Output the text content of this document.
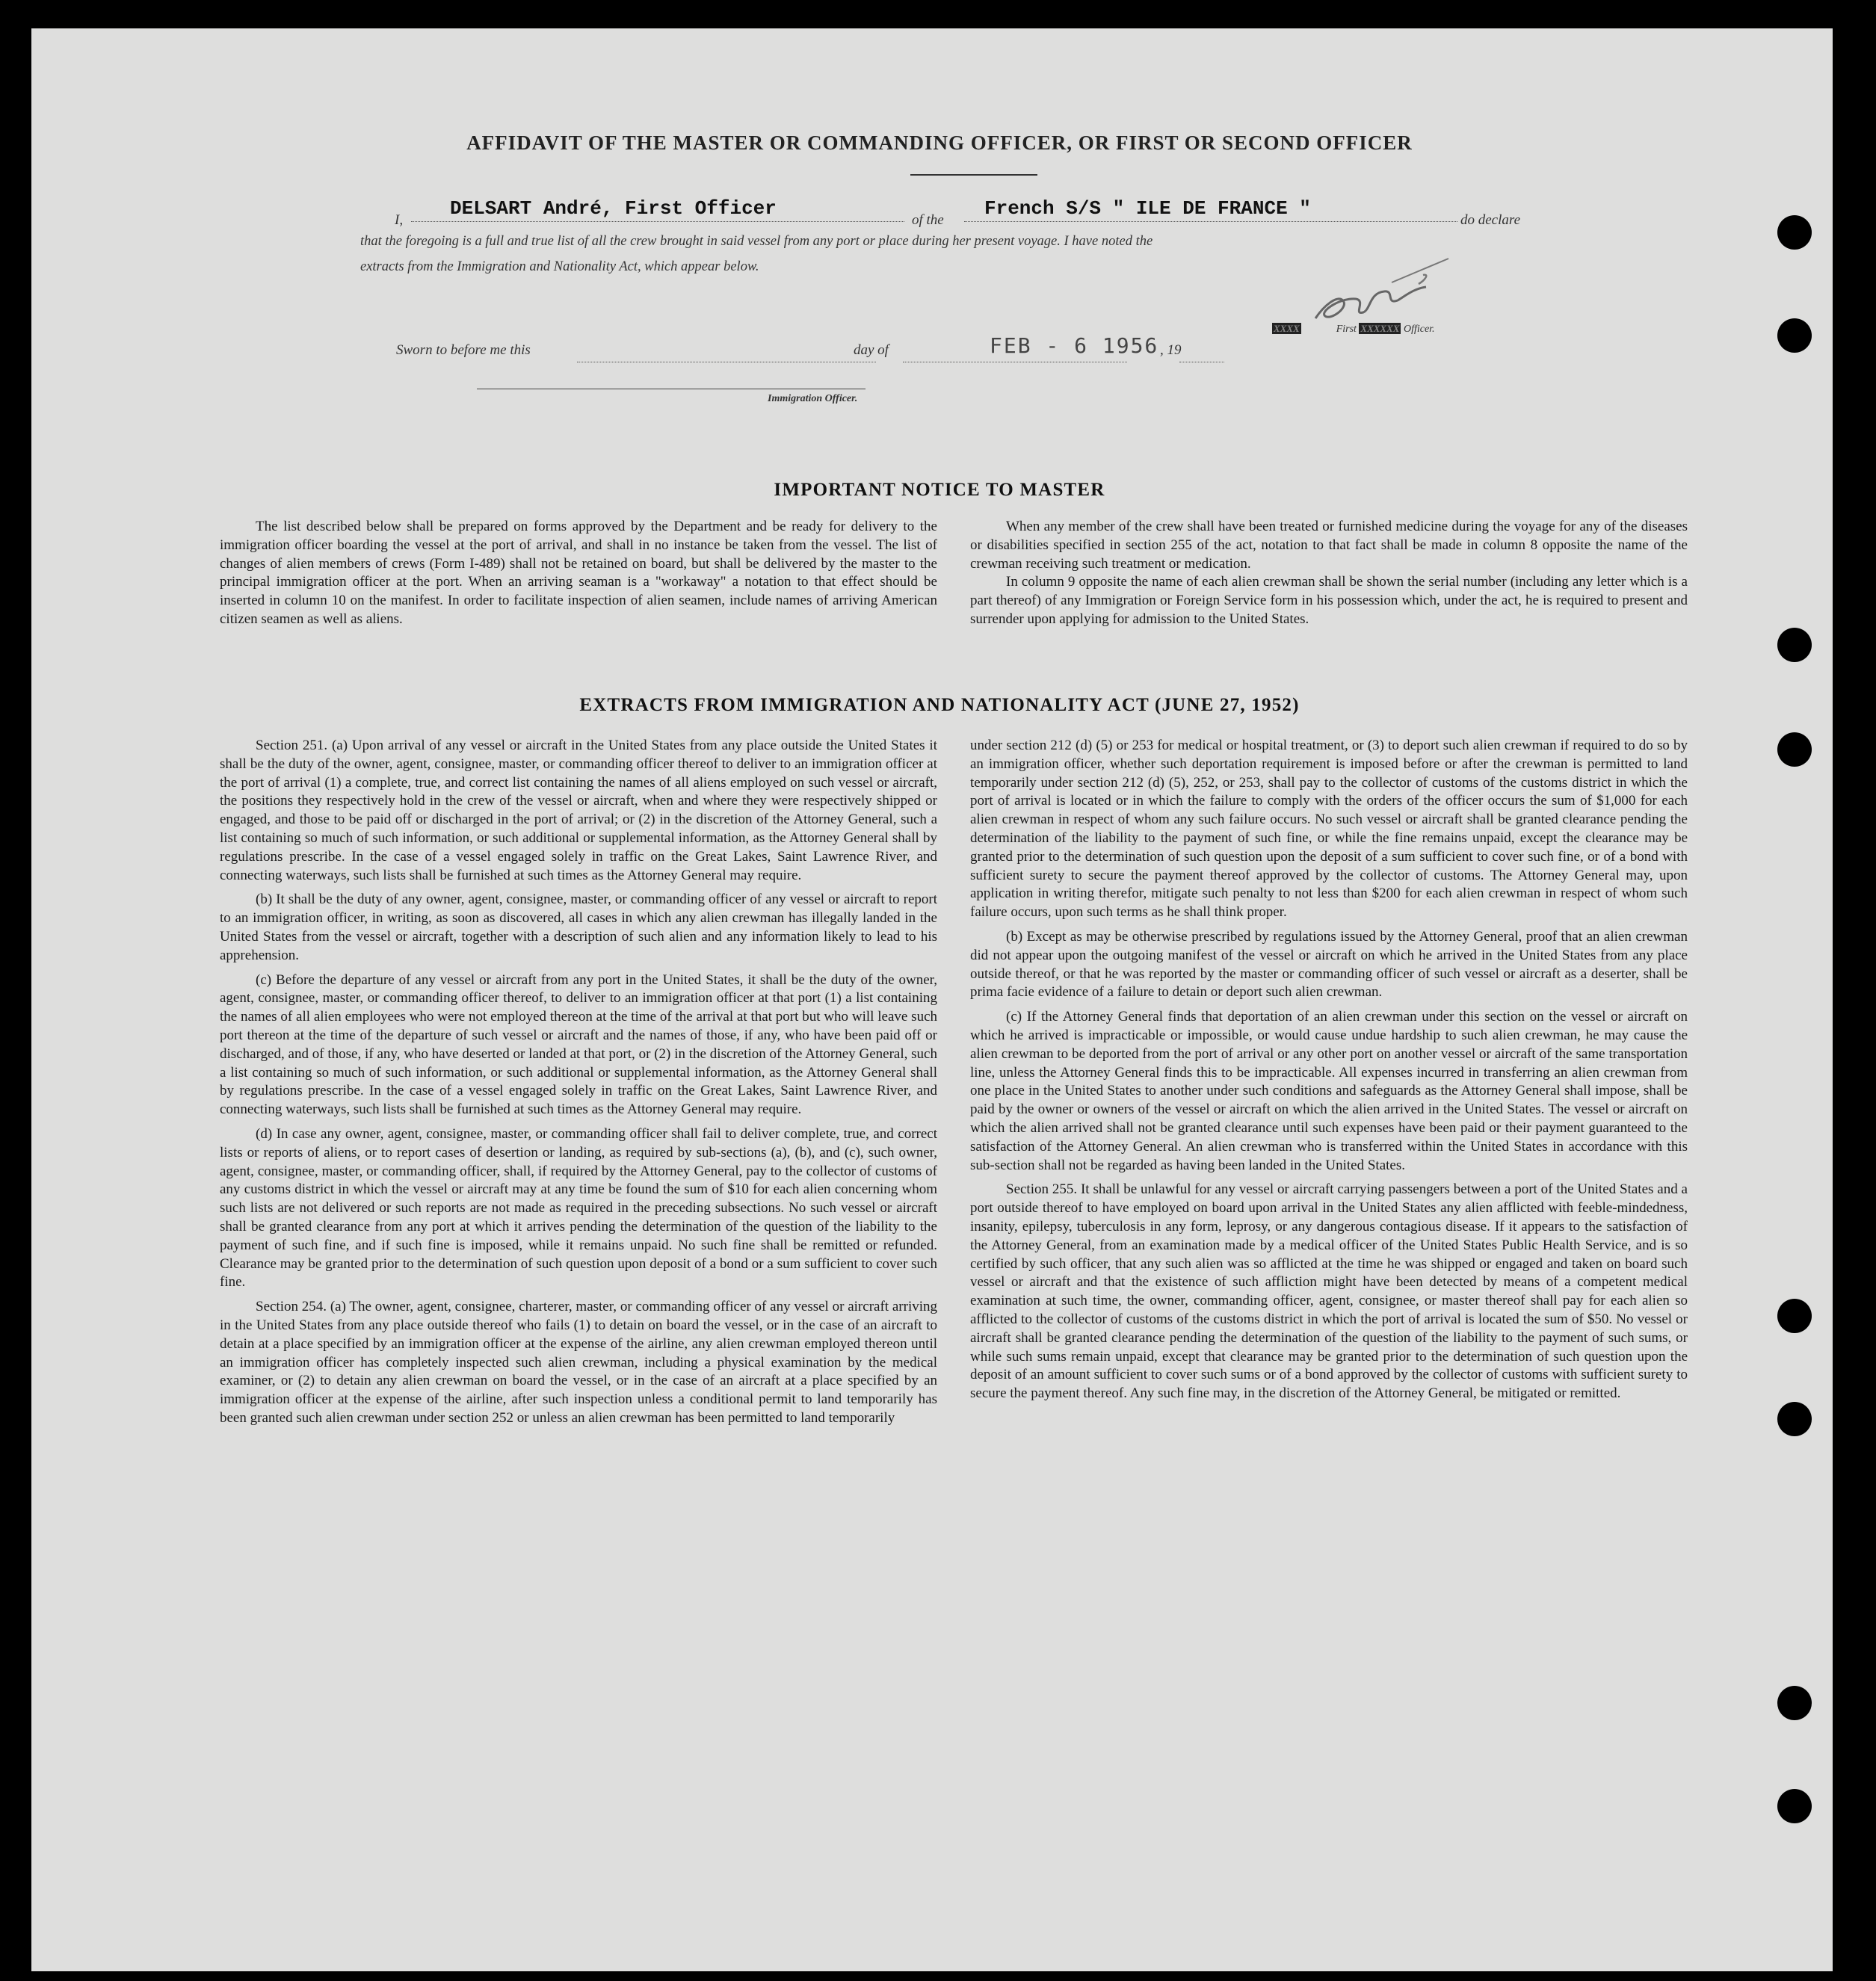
AFFIDAVIT OF THE MASTER OR COMMANDING OFFICER, OR FIRST OR SECOND OFFICER
I,
DELSART André, First Officer
of the
French S/S " ILE DE FRANCE "
do declare
that the foregoing is a full and true list of all the crew brought in said vessel from any port or place during her present voyage. I have noted the
extracts from the Immigration and Nationality Act, which appear below.
XXXX	First XXXXXX Officer.
Sworn to before me this	day of	FEB - 6 1956 , 19
Immigration Officer.
IMPORTANT NOTICE TO MASTER

The list described below shall be prepared on forms approved by the Department and be ready for delivery to the immigration officer boarding the vessel at the port of arrival, and shall in no instance be taken from the vessel. The list of changes of alien members of crews (Form I-489) shall not be retained on board, but shall be delivered by the master to the principal immigration officer at the port. When an arriving seaman is a "workaway" a notation to that effect should be inserted in column 10 on the manifest. In order to facilitate inspection of alien seamen, include names of arriving American citizen seamen as well as aliens.

When any member of the crew shall have been treated or furnished medicine during the voyage for any of the diseases or disabilities specified in section 255 of the act, notation to that fact shall be made in column 8 opposite the name of the crewman receiving such treatment or medication.

In column 9 opposite the name of each alien crewman shall be shown the serial number (including any letter which is a part thereof) of any Immigration or Foreign Service form in his possession which, under the act, he is required to present and surrender upon applying for admission to the United States.

EXTRACTS FROM IMMIGRATION AND NATIONALITY ACT (JUNE 27, 1952)

Section 251. (a) Upon arrival of any vessel or aircraft in the United States from any place outside the United States it shall be the duty of the owner, agent, consignee, master, or commanding officer thereof to deliver to an immigration officer at the port of arrival (1) a complete, true, and correct list containing the names of all aliens employed on such vessel or aircraft, the positions they respectively hold in the crew of the vessel or aircraft, when and where they were respectively shipped or engaged, and those to be paid off or discharged in the port of arrival; or (2) in the discretion of the Attorney General, such a list containing so much of such information, or such additional or supplemental information, as the Attorney General shall by regulations prescribe. In the case of a vessel engaged solely in traffic on the Great Lakes, Saint Lawrence River, and connecting waterways, such lists shall be furnished at such times as the Attorney General may require.

(b) It shall be the duty of any owner, agent, consignee, master, or commanding officer of any vessel or aircraft to report to an immigration officer, in writing, as soon as discovered, all cases in which any alien crewman has illegally landed in the United States from the vessel or aircraft, together with a description of such alien and any information likely to lead to his apprehension.

(c) Before the departure of any vessel or aircraft from any port in the United States, it shall be the duty of the owner, agent, consignee, master, or commanding officer thereof, to deliver to an immigration officer at that port (1) a list containing the names of all alien employees who were not employed thereon at the time of the arrival at that port but who will leave such port thereon at the time of the departure of such vessel or aircraft and the names of those, if any, who have been paid off or discharged, and of those, if any, who have deserted or landed at that port, or (2) in the discretion of the Attorney General, such a list containing so much of such information, or such additional or supplemental information, as the Attorney General shall by regulations prescribe. In the case of a vessel engaged solely in traffic on the Great Lakes, Saint Lawrence River, and connecting waterways, such lists shall be furnished at such times as the Attorney General may require.

(d) In case any owner, agent, consignee, master, or commanding officer shall fail to deliver complete, true, and correct lists or reports of aliens, or to report cases of desertion or landing, as required by sub-sections (a), (b), and (c), such owner, agent, consignee, master, or commanding officer, shall, if required by the Attorney General, pay to the collector of customs of any customs district in which the vessel or aircraft may at any time be found the sum of $10 for each alien concerning whom such lists are not delivered or such reports are not made as required in the preceding subsections. No such vessel or aircraft shall be granted clearance from any port at which it arrives pending the determination of the question of the liability to the payment of such fine, and if such fine is imposed, while it remains unpaid. No such fine shall be remitted or refunded. Clearance may be granted prior to the determination of such question upon deposit of a bond or a sum sufficient to cover such fine.

Section 254. (a) The owner, agent, consignee, charterer, master, or commanding officer of any vessel or aircraft arriving in the United States from any place outside thereof who fails (1) to detain on board the vessel, or in the case of an aircraft to detain at a place specified by an immigration officer at the expense of the airline, any alien crewman employed thereon until an immigration officer has completely inspected such alien crewman, including a physical examination by the medical examiner, or (2) to detain any alien crewman on board the vessel, or in the case of an aircraft at a place specified by an immigration officer at the expense of the airline, after such inspection unless a conditional permit to land temporarily has been granted such alien crewman under section 252 or unless an alien crewman has been permitted to land temporarily

under section 212 (d) (5) or 253 for medical or hospital treatment, or (3) to deport such alien crewman if required to do so by an immigration officer, whether such deportation requirement is imposed before or after the crewman is permitted to land temporarily under section 212 (d) (5), 252, or 253, shall pay to the collector of customs of the customs district in which the port of arrival is located or in which the failure to comply with the orders of the officer occurs the sum of $1,000 for each alien crewman in respect of whom any such failure occurs. No such vessel or aircraft shall be granted clearance pending the determination of the liability to the payment of such fine, or while the fine remains unpaid, except the clearance may be granted prior to the determination of such question upon the deposit of a sum sufficient to cover such fine, or of a bond with sufficient surety to secure the payment thereof approved by the collector of customs. The Attorney General may, upon application in writing therefor, mitigate such penalty to not less than $200 for each alien crewman in respect of whom such failure occurs, upon such terms as he shall think proper.

(b) Except as may be otherwise prescribed by regulations issued by the Attorney General, proof that an alien crewman did not appear upon the outgoing manifest of the vessel or aircraft on which he arrived in the United States from any place outside thereof, or that he was reported by the master or commanding officer of such vessel or aircraft as a deserter, shall be prima facie evidence of a failure to detain or deport such alien crewman.

(c) If the Attorney General finds that deportation of an alien crewman under this section on the vessel or aircraft on which he arrived is impracticable or impossible, or would cause undue hardship to such alien crewman, he may cause the alien crewman to be deported from the port of arrival or any other port on another vessel or aircraft of the same transportation line, unless the Attorney General finds this to be impracticable. All expenses incurred in transferring an alien crewman from one place in the United States to another under such conditions and safeguards as the Attorney General shall impose, shall be paid by the owner or owners of the vessel or aircraft on which the alien arrived in the United States. The vessel or aircraft on which the alien arrived shall not be granted clearance until such expenses have been paid or their payment guaranteed to the satisfaction of the Attorney General. An alien crewman who is transferred within the United States in accordance with this sub-section shall not be regarded as having been landed in the United States.

Section 255. It shall be unlawful for any vessel or aircraft carrying passengers between a port of the United States and a port outside thereof to have employed on board upon arrival in the United States any alien afflicted with feeble-mindedness, insanity, epilepsy, tuberculosis in any form, leprosy, or any dangerous contagious disease. If it appears to the satisfaction of the Attorney General, from an examination made by a medical officer of the United States Public Health Service, and is so certified by such officer, that any such alien was so afflicted at the time he was shipped or engaged and taken on board such vessel or aircraft and that the existence of such affliction might have been detected by means of a competent medical examination at such time, the owner, commanding officer, agent, consignee, or master thereof shall pay for each alien so afflicted to the collector of customs of the customs district in which the port of arrival is located the sum of $50. No vessel or aircraft shall be granted clearance pending the determination of the question of the liability to the payment of such sums, or while such sums remain unpaid, except that clearance may be granted prior to the determination of such question upon the deposit of an amount sufficient to cover such sums or of a bond approved by the collector of customs with sufficient surety to secure the payment thereof. Any such fine may, in the discretion of the Attorney General, be mitigated or remitted.
